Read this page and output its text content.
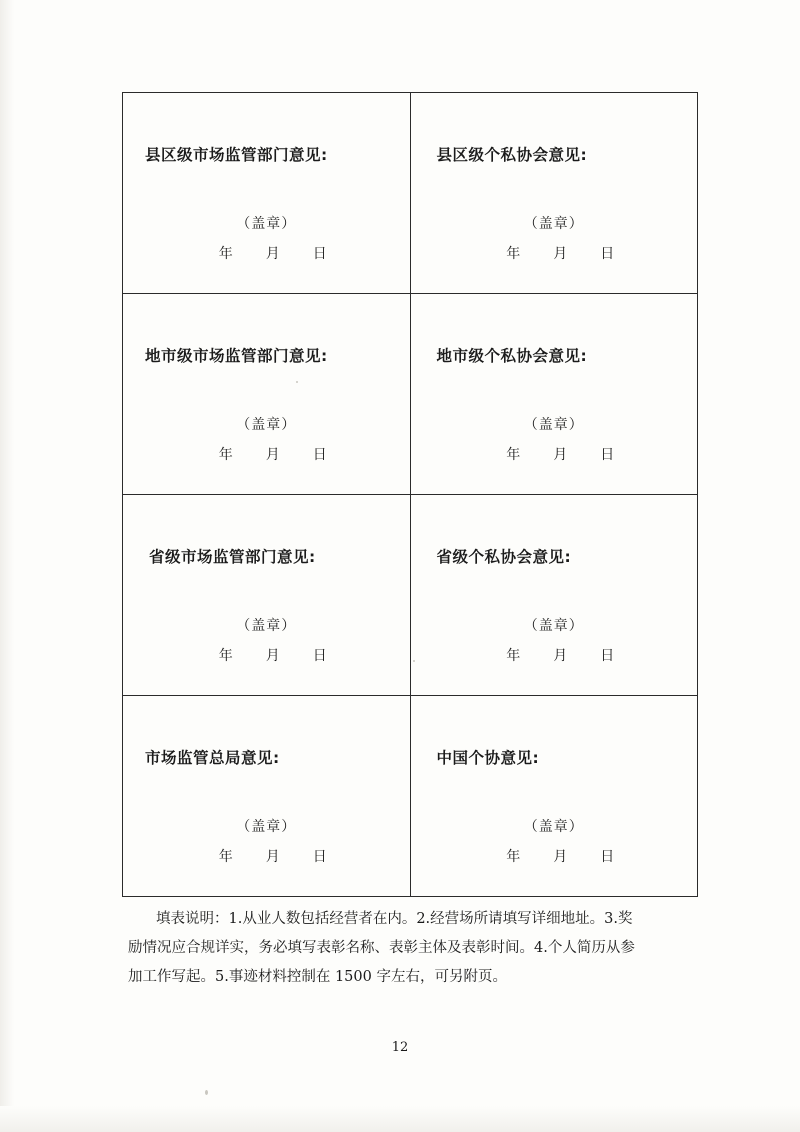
县区级市场监管部门意见:
（盖章）
年 月 日

县区级个私协会意见:
（盖章）
年 月 日

地市级市场监管部门意见:
（盖章）
年 月 日

地市级个私协会意见:
（盖章）
年 月 日

省级市场监管部门意见:
（盖章）
年 月 日

省级个私协会意见:
（盖章）
年 月 日

市场监管总局意见:
（盖章）
年 月 日

中国个协意见:
（盖章）
年 月 日
填表说明：1.从业人数包括经营者在内。2.经营场所请填写详细地址。3.奖
励情况应合规详实，务必填写表彰名称、表彰主体及表彰时间。4.个人简历从参
加工作写起。5.事迹材料控制在 1500 字左右，可另附页。
12
